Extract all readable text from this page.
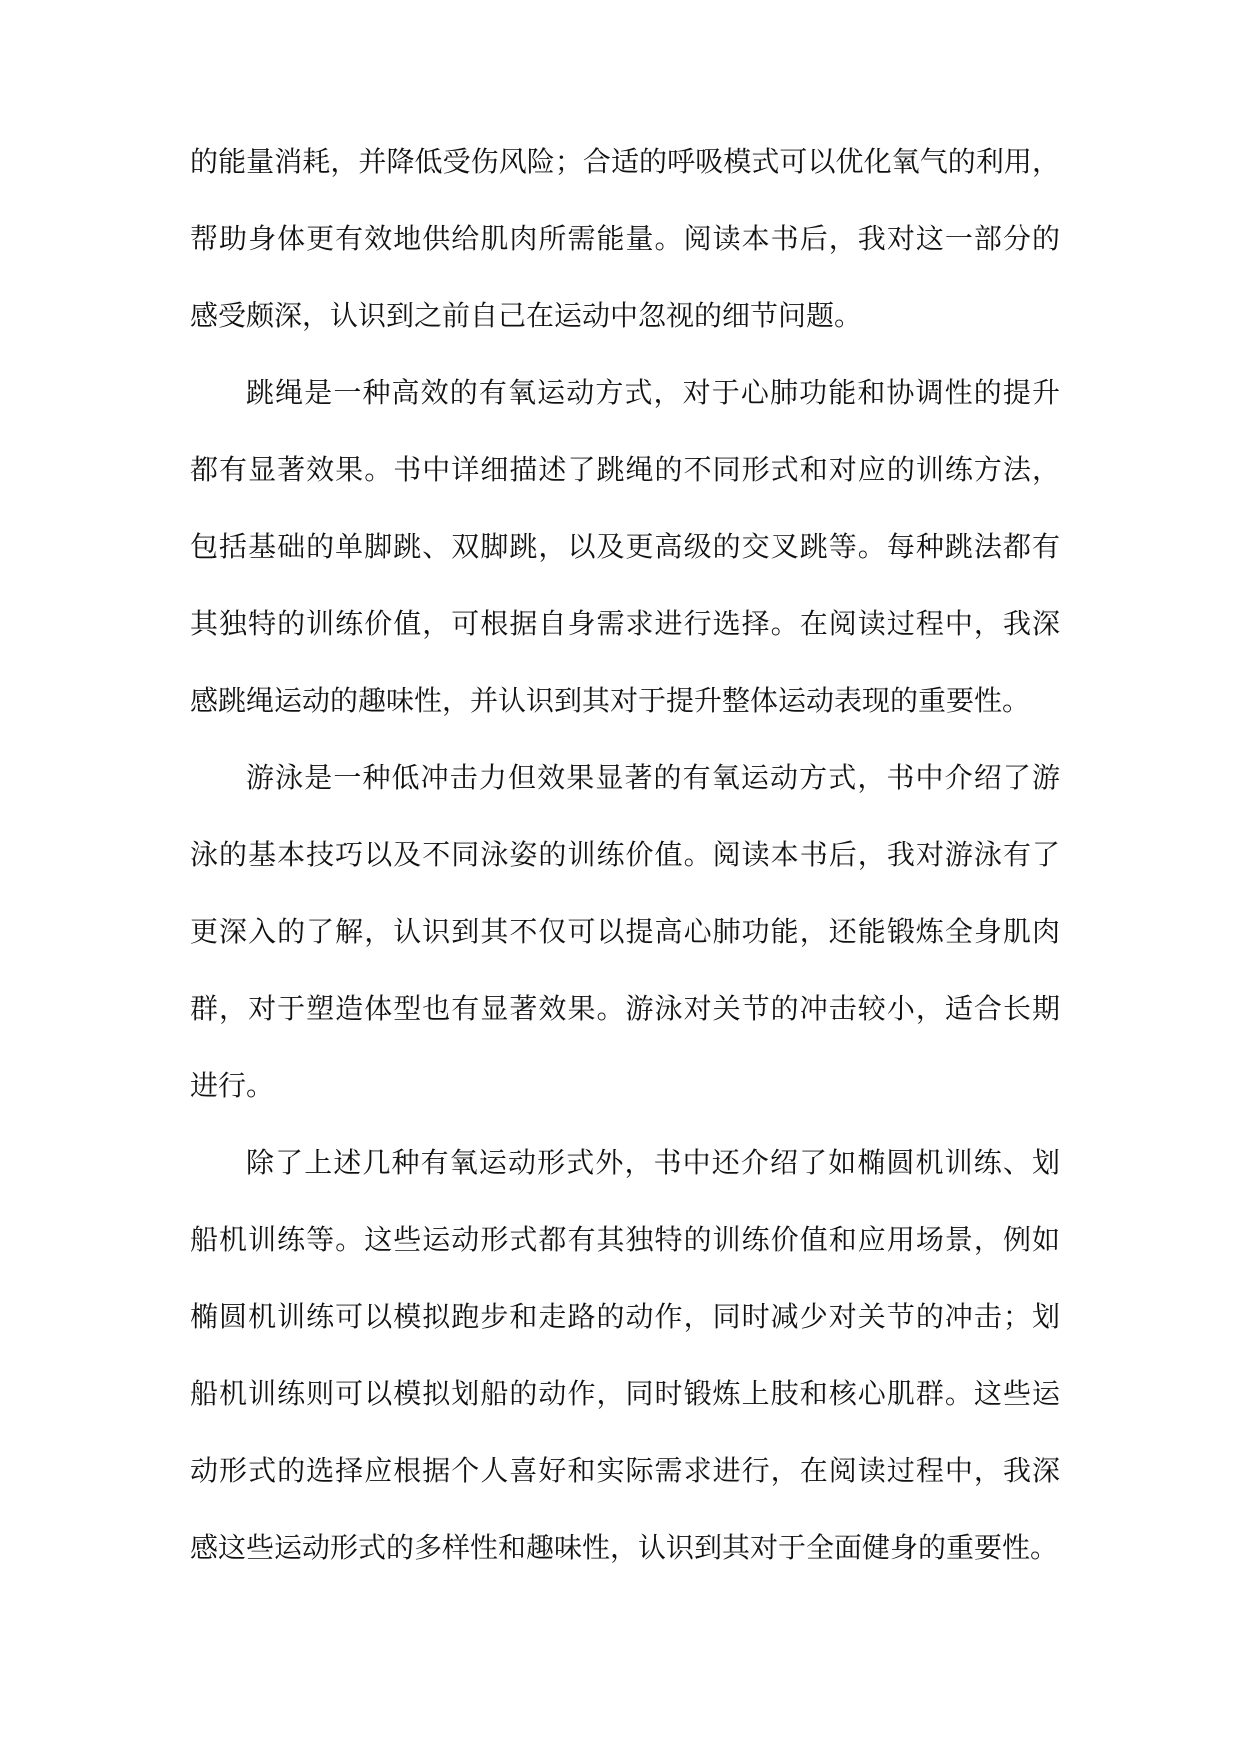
的能量消耗，并降低受伤风险；合适的呼吸模式可以优化氧气的利用，
帮助身体更有效地供给肌肉所需能量。阅读本书后，我对这一部分的
感受颇深，认识到之前自己在运动中忽视的细节问题。
跳绳是一种高效的有氧运动方式，对于心肺功能和协调性的提升
都有显著效果。书中详细描述了跳绳的不同形式和对应的训练方法，
包括基础的单脚跳、双脚跳，以及更高级的交叉跳等。每种跳法都有
其独特的训练价值，可根据自身需求进行选择。在阅读过程中，我深
感跳绳运动的趣味性，并认识到其对于提升整体运动表现的重要性。
游泳是一种低冲击力但效果显著的有氧运动方式，书中介绍了游
泳的基本技巧以及不同泳姿的训练价值。阅读本书后，我对游泳有了
更深入的了解，认识到其不仅可以提高心肺功能，还能锻炼全身肌肉
群，对于塑造体型也有显著效果。游泳对关节的冲击较小，适合长期
进行。
除了上述几种有氧运动形式外，书中还介绍了如椭圆机训练、划
船机训练等。这些运动形式都有其独特的训练价值和应用场景，例如
椭圆机训练可以模拟跑步和走路的动作，同时减少对关节的冲击；划
船机训练则可以模拟划船的动作，同时锻炼上肢和核心肌群。这些运
动形式的选择应根据个人喜好和实际需求进行，在阅读过程中，我深
感这些运动形式的多样性和趣味性，认识到其对于全面健身的重要性。
